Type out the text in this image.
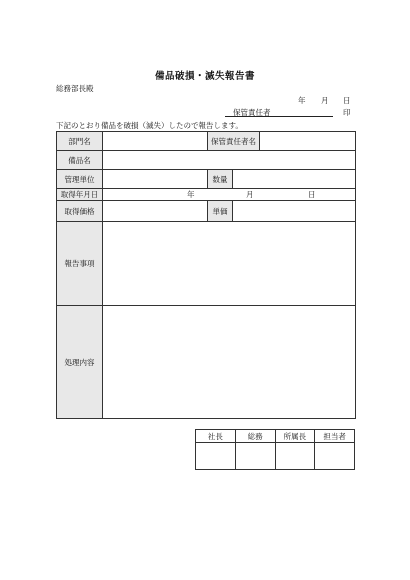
備品破損・滅失報告書
総務部長殿
年 月 日
保管責任者	印
下記のとおり備品を破損（滅失）したので報告します。
部門名		保管責任者名		
備品名				
管理単位		数量		
取得年月日	年 月 日			

取得価格		単価		
報告事項				
処理内容				
社長	総務	所属長	担当者
